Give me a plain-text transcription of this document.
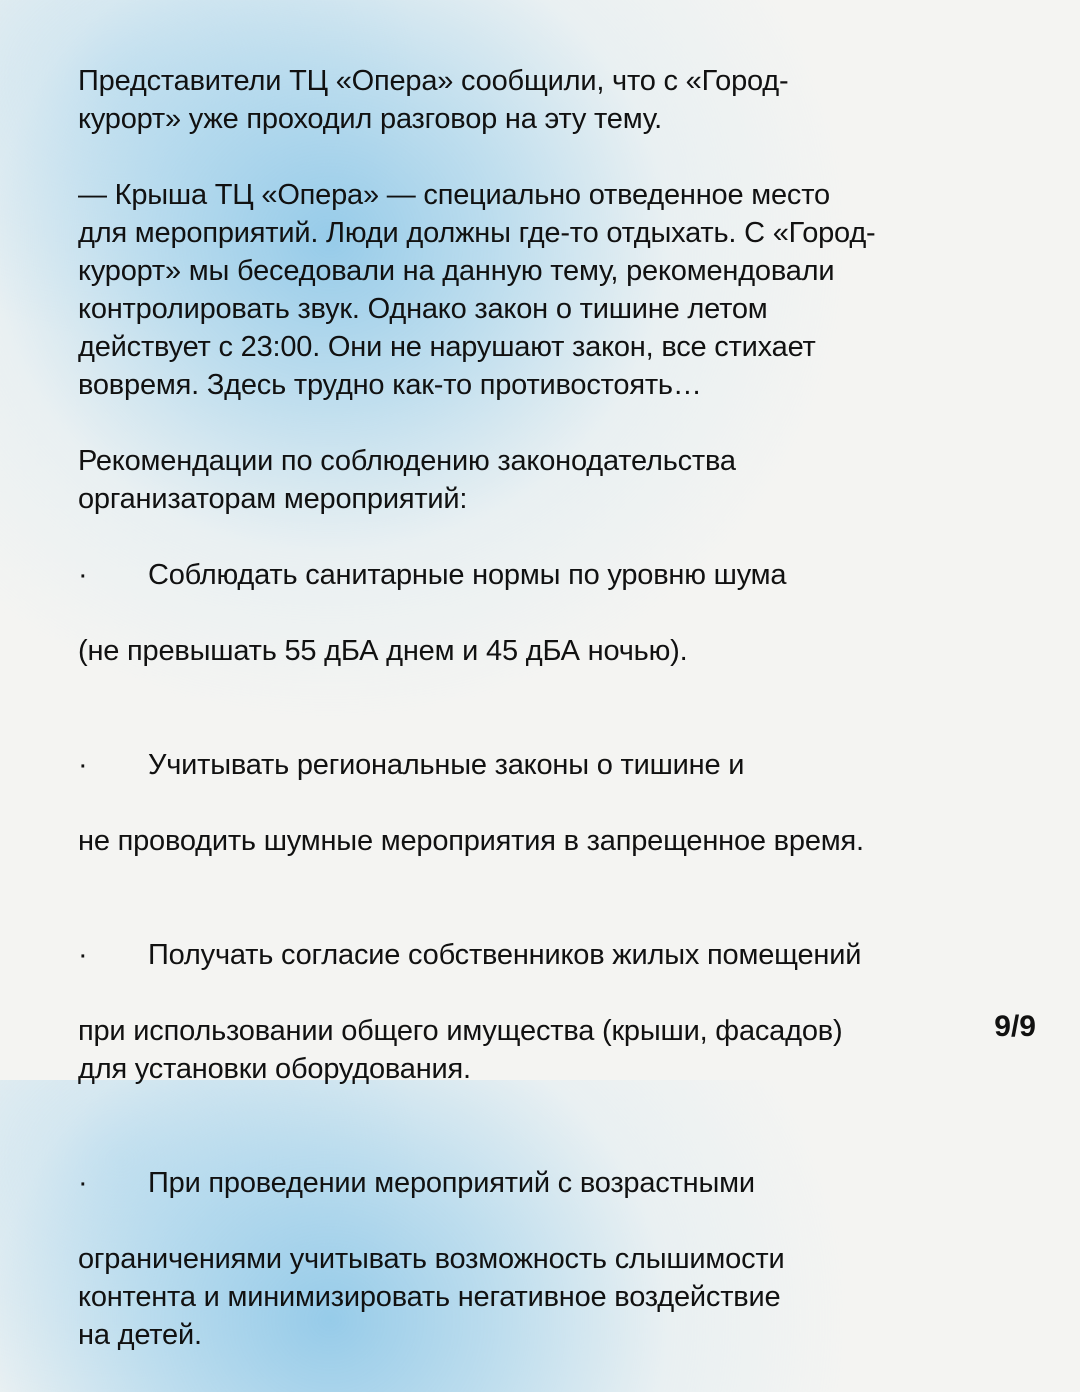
Представители ТЦ «Опера» сообщили, что с «Город-
курорт» уже проходил разговор на эту тему.

— Крыша ТЦ «Опера» — специально отведенное место
для мероприятий. Люди должны где-то отдыхать. С «Город-
курорт» мы беседовали на данную тему, рекомендовали
контролировать звук. Однако закон о тишине летом
действует с 23:00. Они не нарушают закон, все стихает
вовремя. Здесь трудно как-то противостоять…

Рекомендации по соблюдению законодательства
организаторам мероприятий:

·	Соблюдать санитарные нормы по уровню шума

(не превышать 55 дБА днем и 45 дБА ночью).

·	Учитывать региональные законы о тишине и

не проводить шумные мероприятия в запрещенное время.

·	Получать согласие собственников жилых помещений

при использовании общего имущества (крыши, фасадов)
для установки оборудования.

·	При проведении мероприятий с возрастными

ограничениями учитывать возможность слышимости
контента и минимизировать негативное воздействие
на детей.

9/9
